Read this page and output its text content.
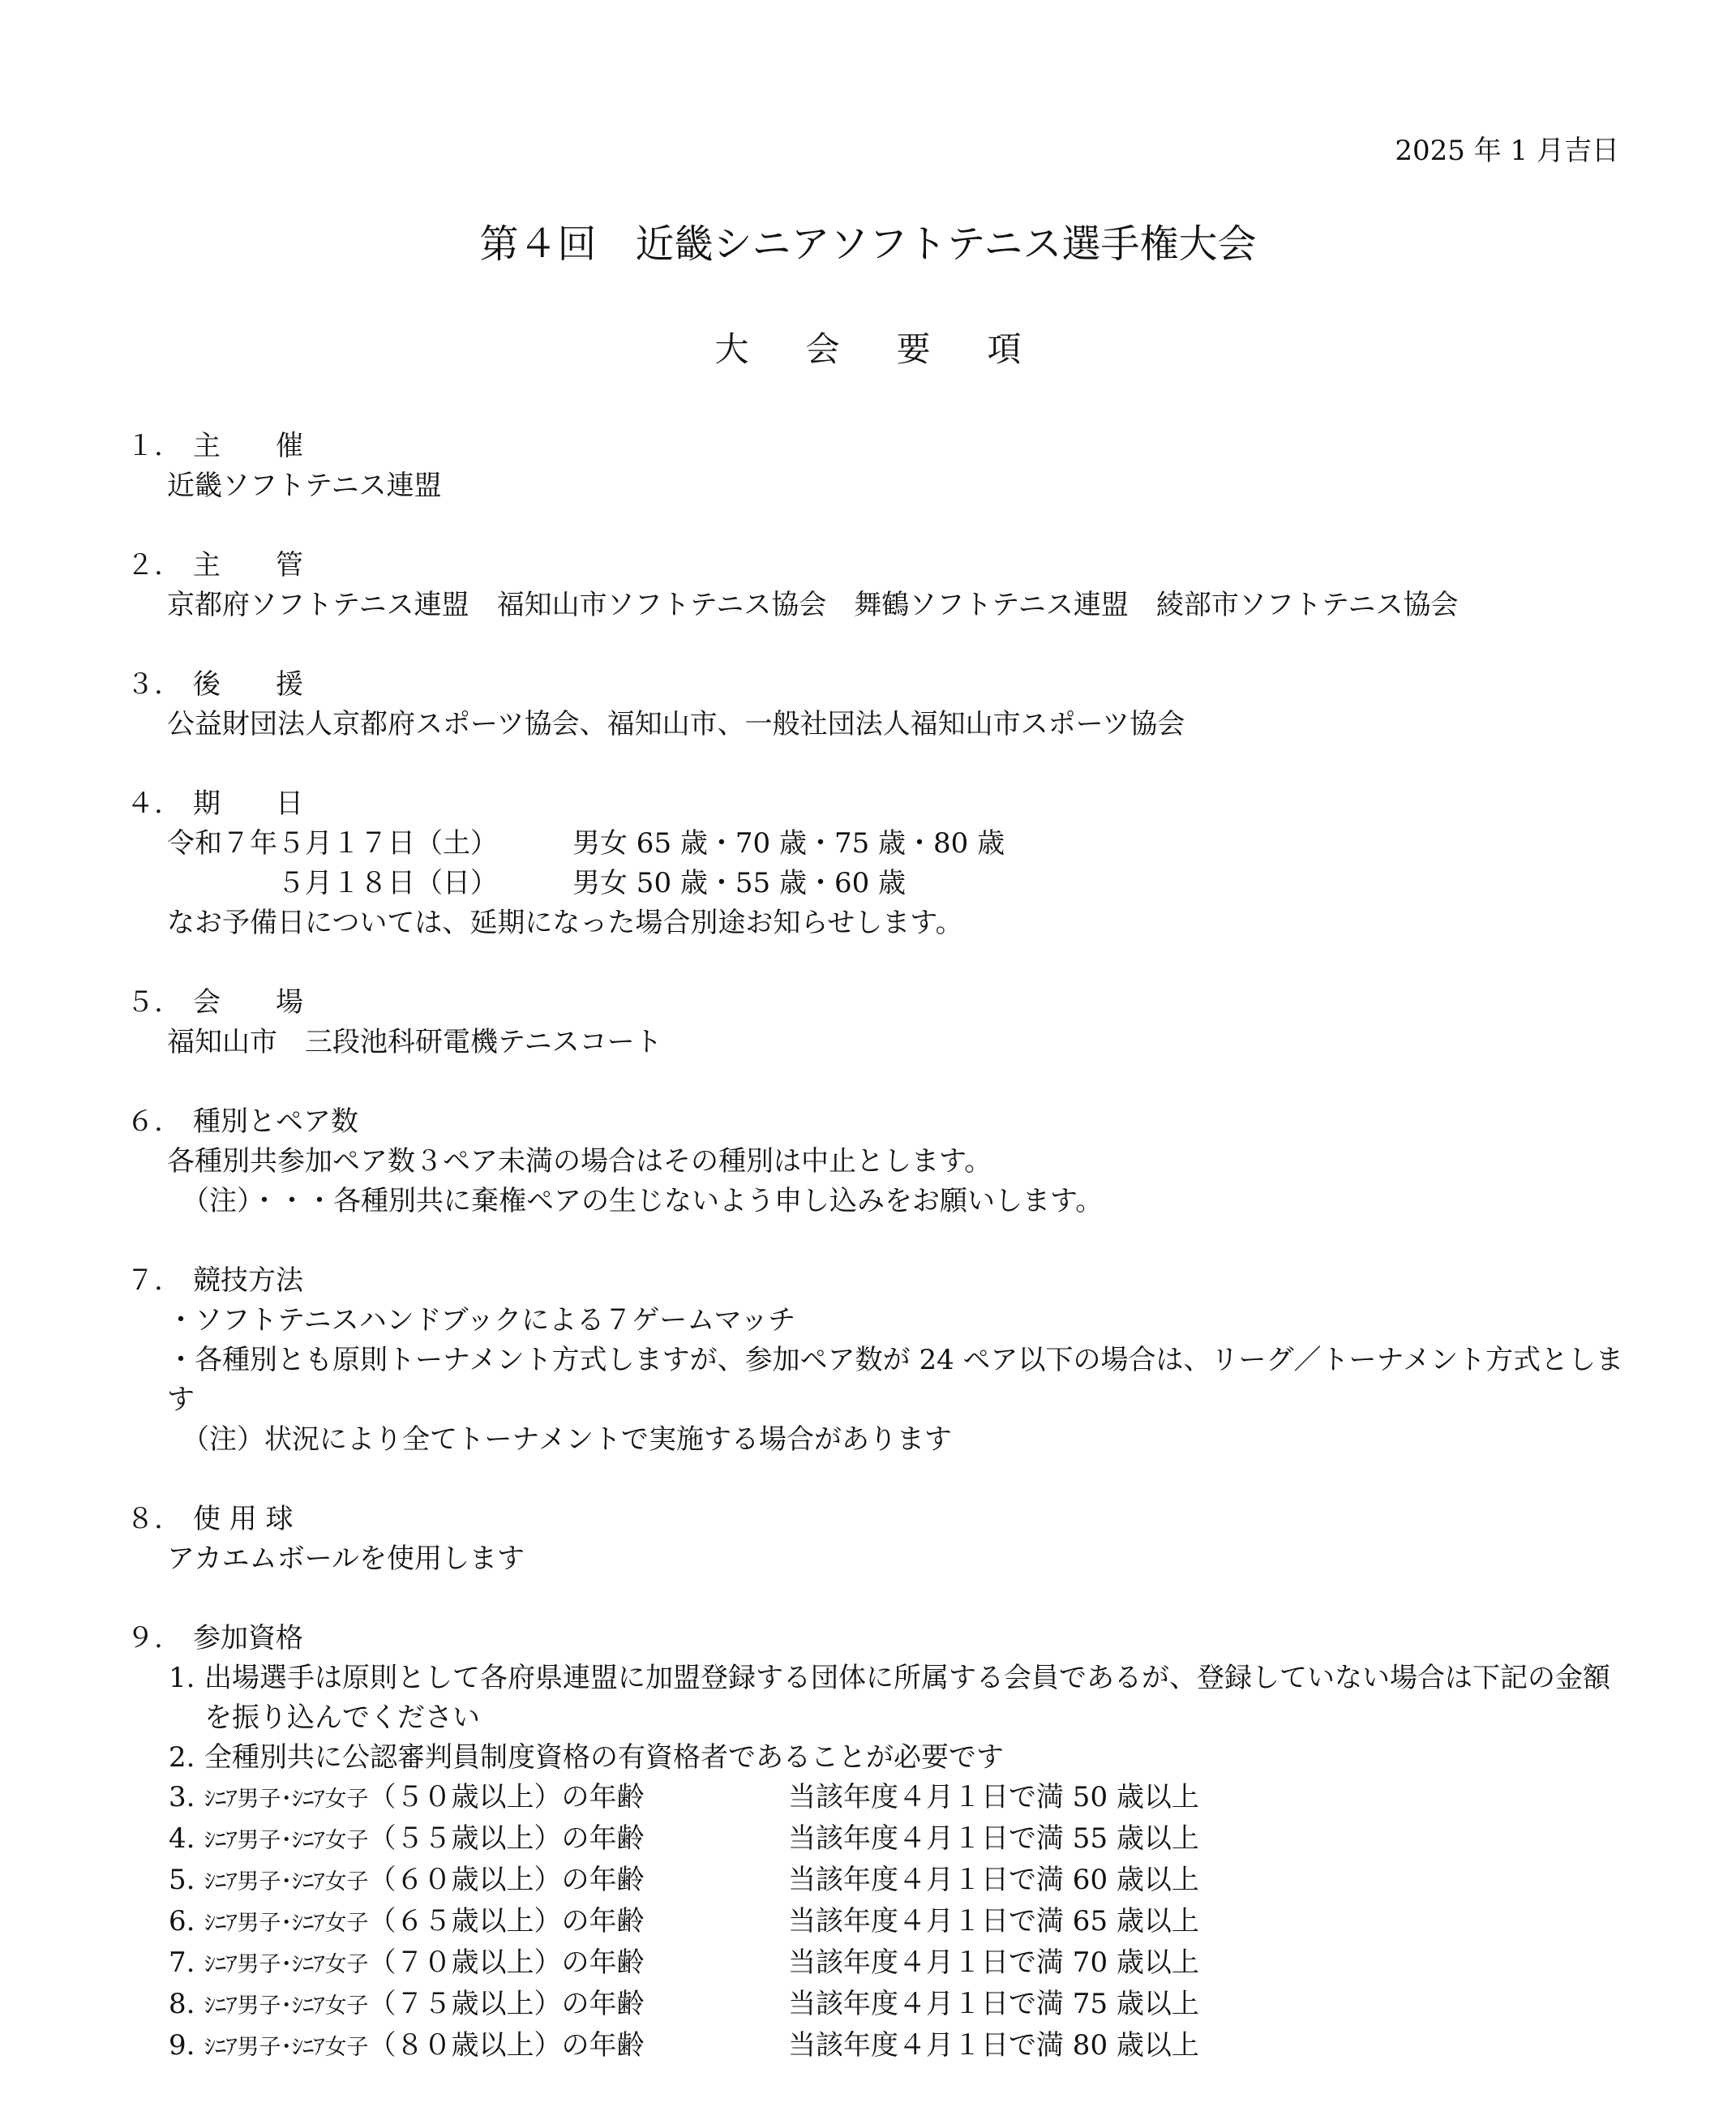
2025 年 1 月吉日
第４回　近畿シニアソフトテニス選手権大会
大会要項
１.	主　　催
近畿ソフトテニス連盟
２.	主　　管
京都府ソフトテニス連盟　福知山市ソフトテニス協会　舞鶴ソフトテニス連盟　綾部市ソフトテニス協会
３.	後　　援
公益財団法人京都府スポーツ協会、福知山市、一般社団法人福知山市スポーツ協会
４.	期　　日
令和７年５月１７日（土）	男女 65 歳・70 歳・75 歳・80 歳
　　　　５月１８日（日）	男女 50 歳・55 歳・60 歳
なお予備日については、延期になった場合別途お知らせします。
５.	会　　場
福知山市　三段池科研電機テニスコート
６.	種別とペア数
各種別共参加ペア数３ペア未満の場合はその種別は中止とします。
（注）・・・各種別共に棄権ペアの生じないよう申し込みをお願いします。
７.	競技方法
・ソフトテニスハンドブックによる７ゲームマッチ
・各種別とも原則トーナメント方式しますが、参加ペア数が 24 ペア以下の場合は、リーグ／トーナメント方式とします
（注）状況により全てトーナメントで実施する場合があります
８.	使 用 球
アカエムボールを使用します
９.	参加資格
1. 出場選手は原則として各府県連盟に加盟登録する団体に所属する会員であるが、登録していない場合は下記の金額を振り込んでください
2. 全種別共に公認審判員制度資格の有資格者であることが必要です
3. ｼﾆｱ男子･ｼﾆｱ女子（５０歳以上）の年齢	当該年度４月１日で満 50 歳以上
4. ｼﾆｱ男子･ｼﾆｱ女子（５５歳以上）の年齢	当該年度４月１日で満 55 歳以上
5. ｼﾆｱ男子･ｼﾆｱ女子（６０歳以上）の年齢	当該年度４月１日で満 60 歳以上
6. ｼﾆｱ男子･ｼﾆｱ女子（６５歳以上）の年齢	当該年度４月１日で満 65 歳以上
7. ｼﾆｱ男子･ｼﾆｱ女子（７０歳以上）の年齢	当該年度４月１日で満 70 歳以上
8. ｼﾆｱ男子･ｼﾆｱ女子（７５歳以上）の年齢	当該年度４月１日で満 75 歳以上
9. ｼﾆｱ男子･ｼﾆｱ女子（８０歳以上）の年齢	当該年度４月１日で満 80 歳以上
